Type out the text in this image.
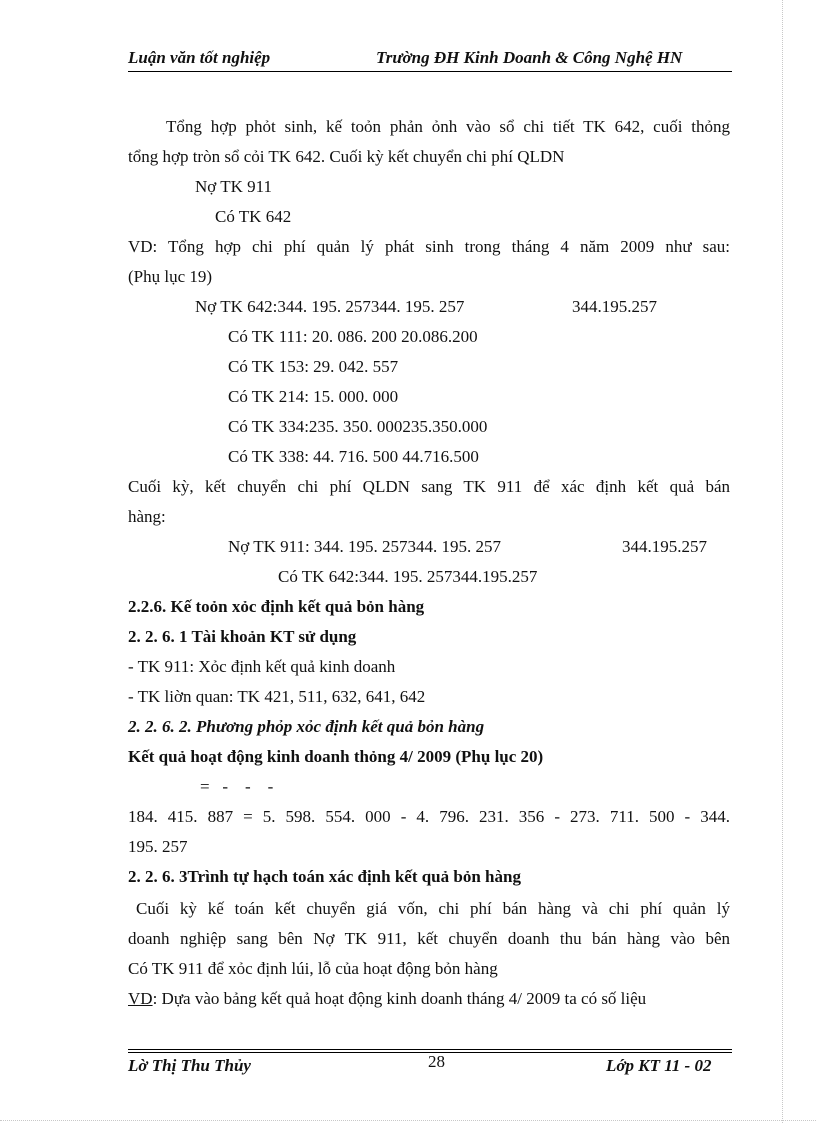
Luận văn tốt nghiệp	Trường ĐH Kinh Doanh & Công Nghệ HN
Tổng hợp phỏt sinh, kế toỏn phản ỏnh vào sổ chi tiết TK 642, cuối thỏng
tổng hợp tròn sổ cỏi TK 642. Cuối kỳ kết chuyển chi phí QLDN
Nợ TK 911
Có TK 642
VD: Tổng hợp chi phí quản lý phát sinh trong tháng 4 năm 2009 như sau:
(Phụ lục 19)
Nợ TK 642:344. 195. 257344. 195. 257	344.195.257
Có TK 111: 20. 086. 200 20.086.200
Có TK 153: 29. 042. 557
Có TK 214: 15. 000. 000
Có TK 334:235. 350. 000235.350.000
Có TK 338: 44. 716. 500 44.716.500
Cuối kỳ, kết chuyển chi phí QLDN sang TK 911 để xác định kết quả bán
hàng:
Nợ TK 911: 344. 195. 257344. 195. 257	344.195.257
Có TK 642:344. 195. 257344.195.257
2.2.6. Kế toỏn xỏc định kết quả bỏn hàng
2. 2. 6. 1 Tài khoản KT sử dụng
- TK 911: Xỏc định kết quả kinh doanh
- TK liờn quan: TK 421, 511, 632, 641, 642
2. 2. 6. 2. Phương phỏp xỏc định kết quả bỏn hàng
Kết quả hoạt động kinh doanh thỏng 4/ 2009 (Phụ lục 20)
=   -    -    -
184. 415. 887 = 5. 598. 554. 000 - 4. 796. 231. 356 - 273. 711. 500 - 344.
195. 257
2. 2. 6. 3Trình tự hạch toán xác định kết quả bỏn hàng
Cuối kỳ kế toán kết chuyển giá vốn, chi phí bán hàng và chi phí quản lý
doanh nghiệp sang bên Nợ TK 911, kết chuyển doanh thu bán hàng vào bên
Có TK 911 để xỏc định lúi, lỗ của hoạt động bỏn hàng
VD: Dựa vào bảng kết quả hoạt động kinh doanh tháng 4/ 2009 ta có số liệu
Lờ Thị Thu Thủy	28	Lớp KT 11 - 02
